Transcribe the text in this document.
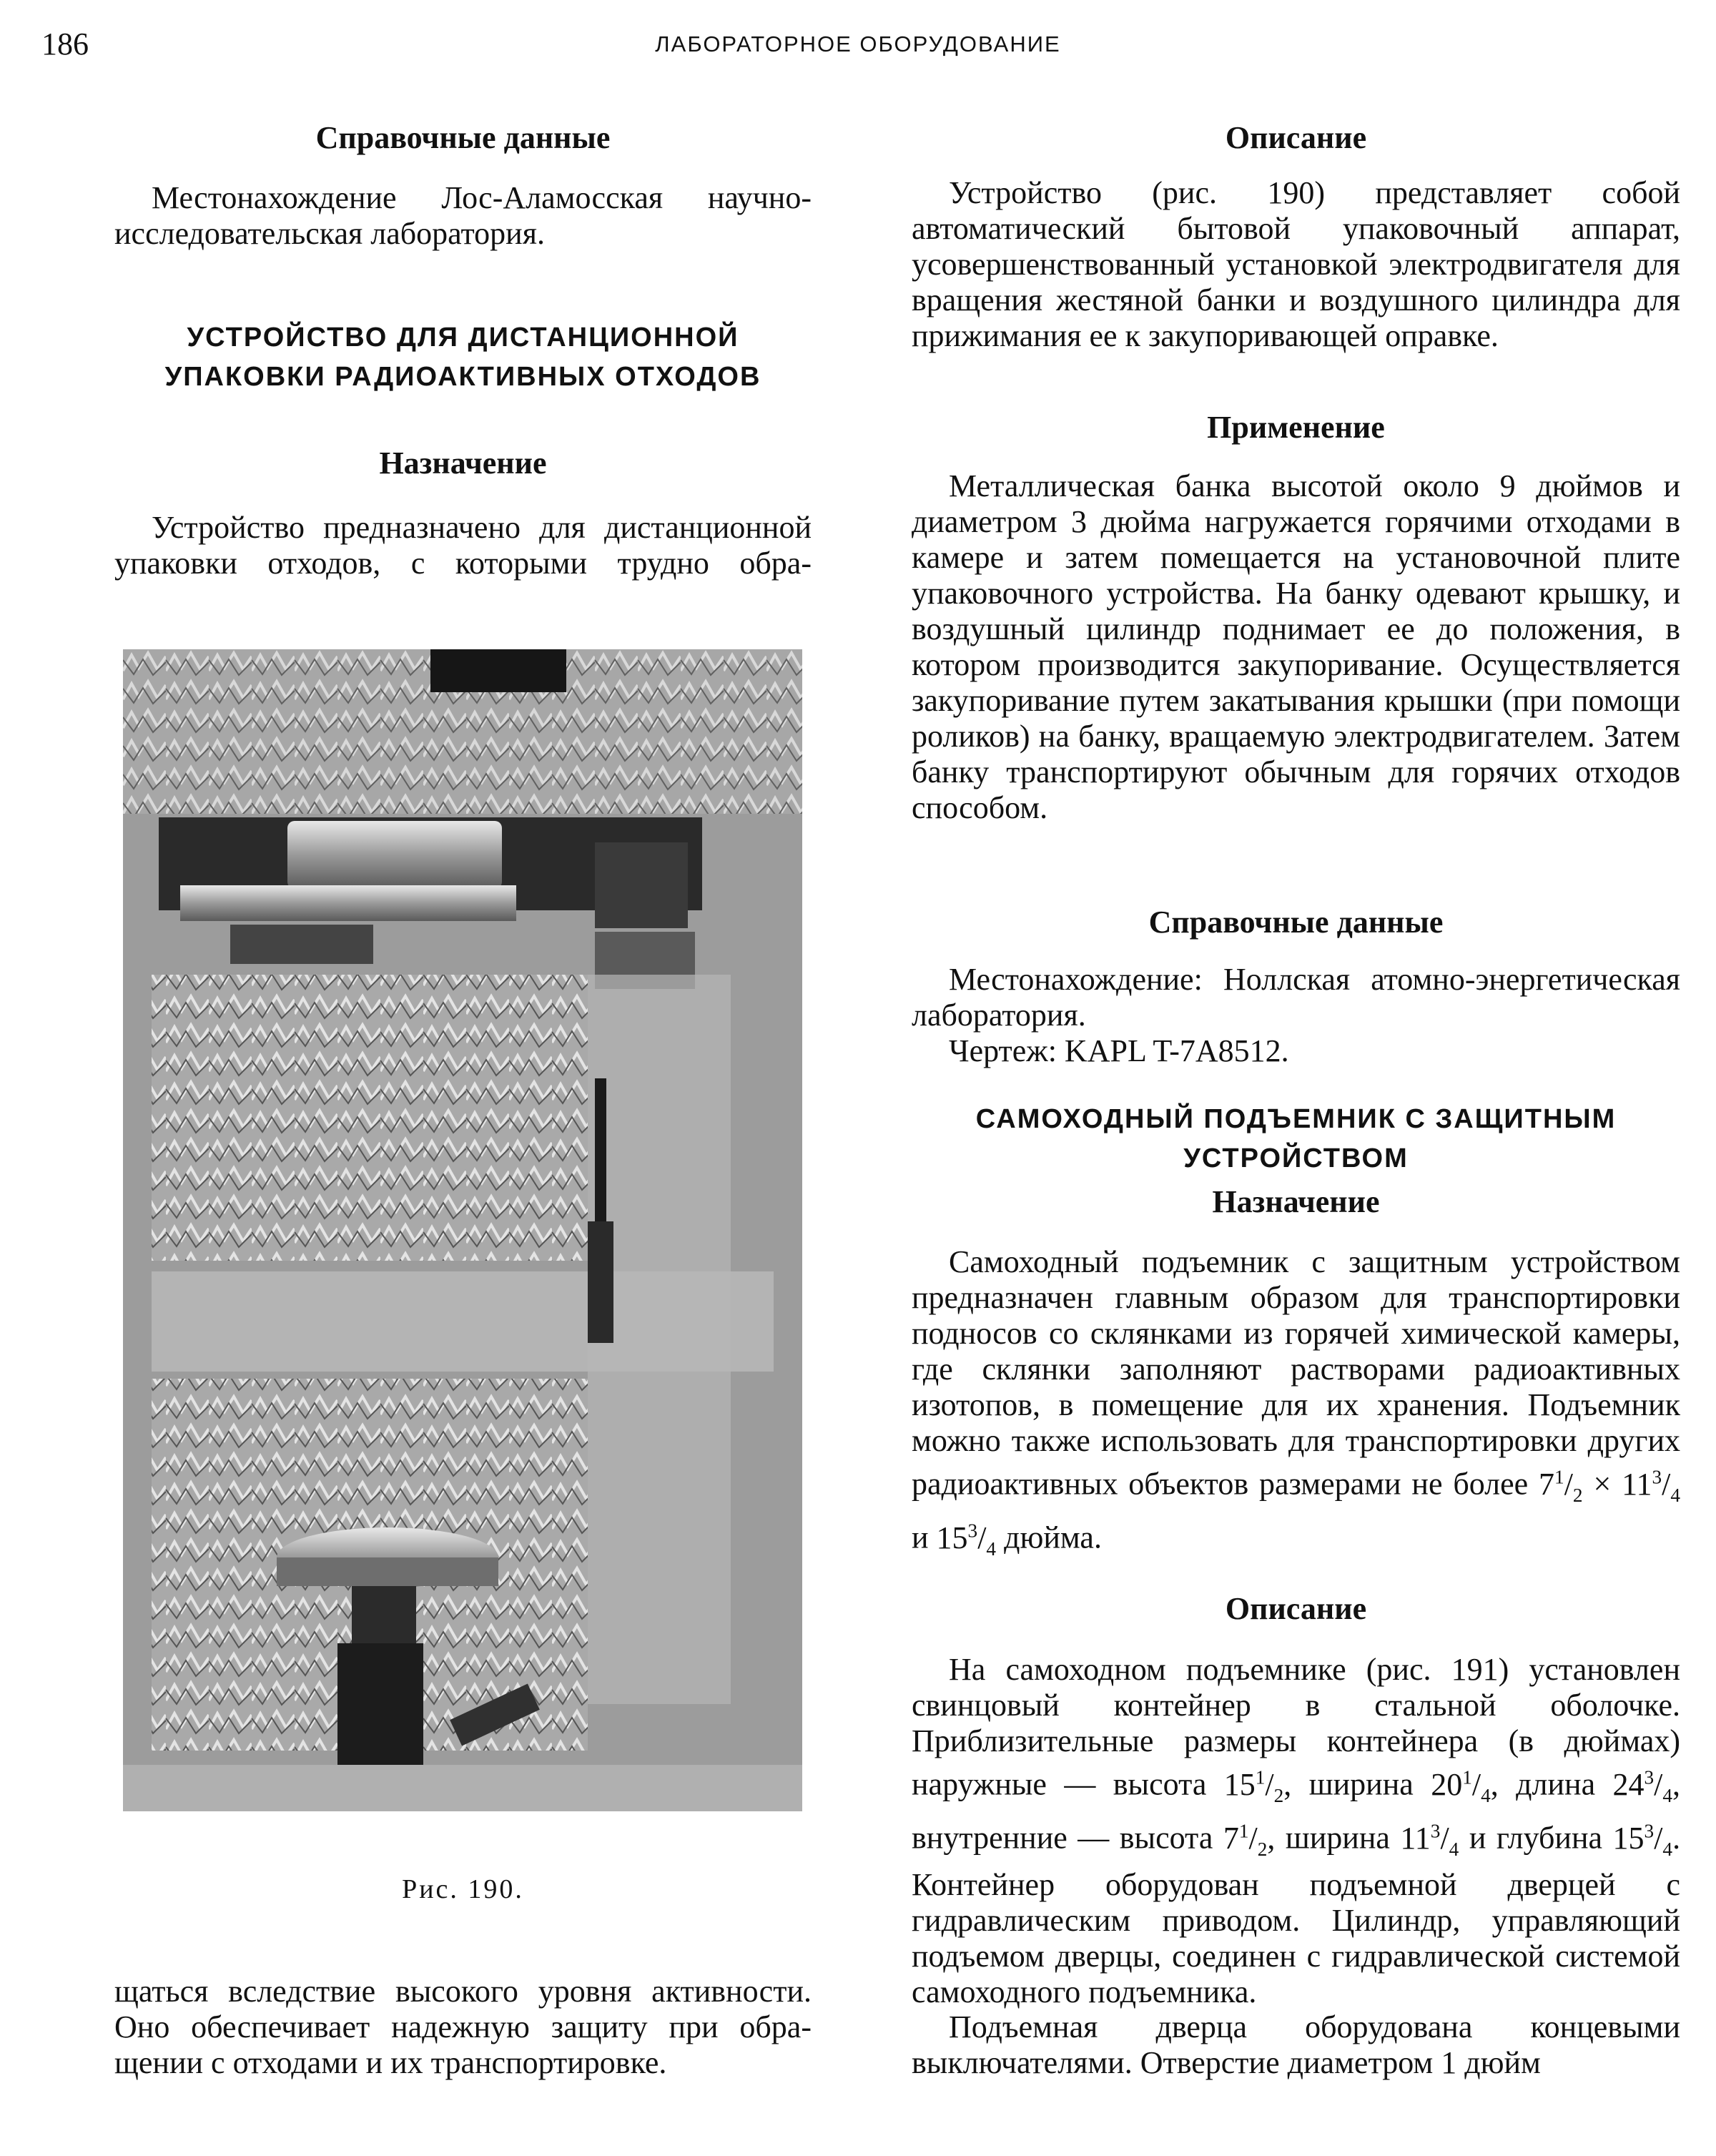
186	ЛАБОРАТОРНОЕ ОБОРУДОВАНИЕ
Справочные данные

Местонахождение Лос-Аламосская научно-исследовательская лаборатория.

УСТРОЙСТВО ДЛЯ ДИСТАНЦИОННОЙ
УПАКОВКИ РАДИОАКТИВНЫХ ОТХОДОВ
Назначение

Устройство предназначено для дистанционной упаковки отходов, с которыми трудно обра-

Рис. 190.

щаться вследствие высокого уровня активности. Оно обеспечивает надежную защиту при обращении с отходами и их транспортировке.

Описание

Устройство (рис. 190) представляет собой автоматический бытовой упаковочный аппарат, усовершенствованный установкой электродвигателя для вращения жестяной банки и воздушного цилиндра для прижимания ее к закупоривающей оправке.

Применение

Металлическая банка высотой около 9 дюймов и диаметром 3 дюйма нагружается горячими отходами в камере и затем помещается на установочной плите упаковочного устройства. На банку одевают крышку, и воздушный цилиндр поднимает ее до положения, в котором производится закупоривание. Осуществляется закупоривание путем закатывания крышки (при помощи роликов) на банку, вращаемую электродвигателем. Затем банку транспортируют обычным для горячих отходов способом.

Справочные данные

Местонахождение: Ноллская атомно-энергетическая лаборатория.

Чертеж: KAPL T-7A8512.

САМОХОДНЫЙ ПОДЪЕМНИК С ЗАЩИТНЫМ
УСТРОЙСТВОМ
Назначение

Самоходный подъемник с защитным устройством предназначен главным образом для транспортировки подносов со склянками из горячей химической камеры, где склянки заполняют растворами радиоактивных изотопов, в помещение для их хранения. Подъемник можно также использовать для транспортировки других радиоактивных объектов размерами не более $7^1/_2 \times 11^3/_4$ и $15^3/_4$ дюйма.

Описание

На самоходном подъемнике (рис. 191) установлен свинцовый контейнер в стальной оболочке. Приблизительные размеры контейнера (в дюймах) наружные — высота $15^1/_2$, ширина $20^1/_4$, длина $24^3/_4$, внутренние — высота $7^1/_2$, ширина $11^3/_4$ и глубина $15^3/_4$. Контейнер оборудован подъемной дверцей с гидравлическим приводом. Цилиндр, управляющий подъемом дверцы, соединен с гидравлической системой самоходного подъемника.

Подъемная дверца оборудована концевыми выключателями. Отверстие диаметром 1 дюйм
